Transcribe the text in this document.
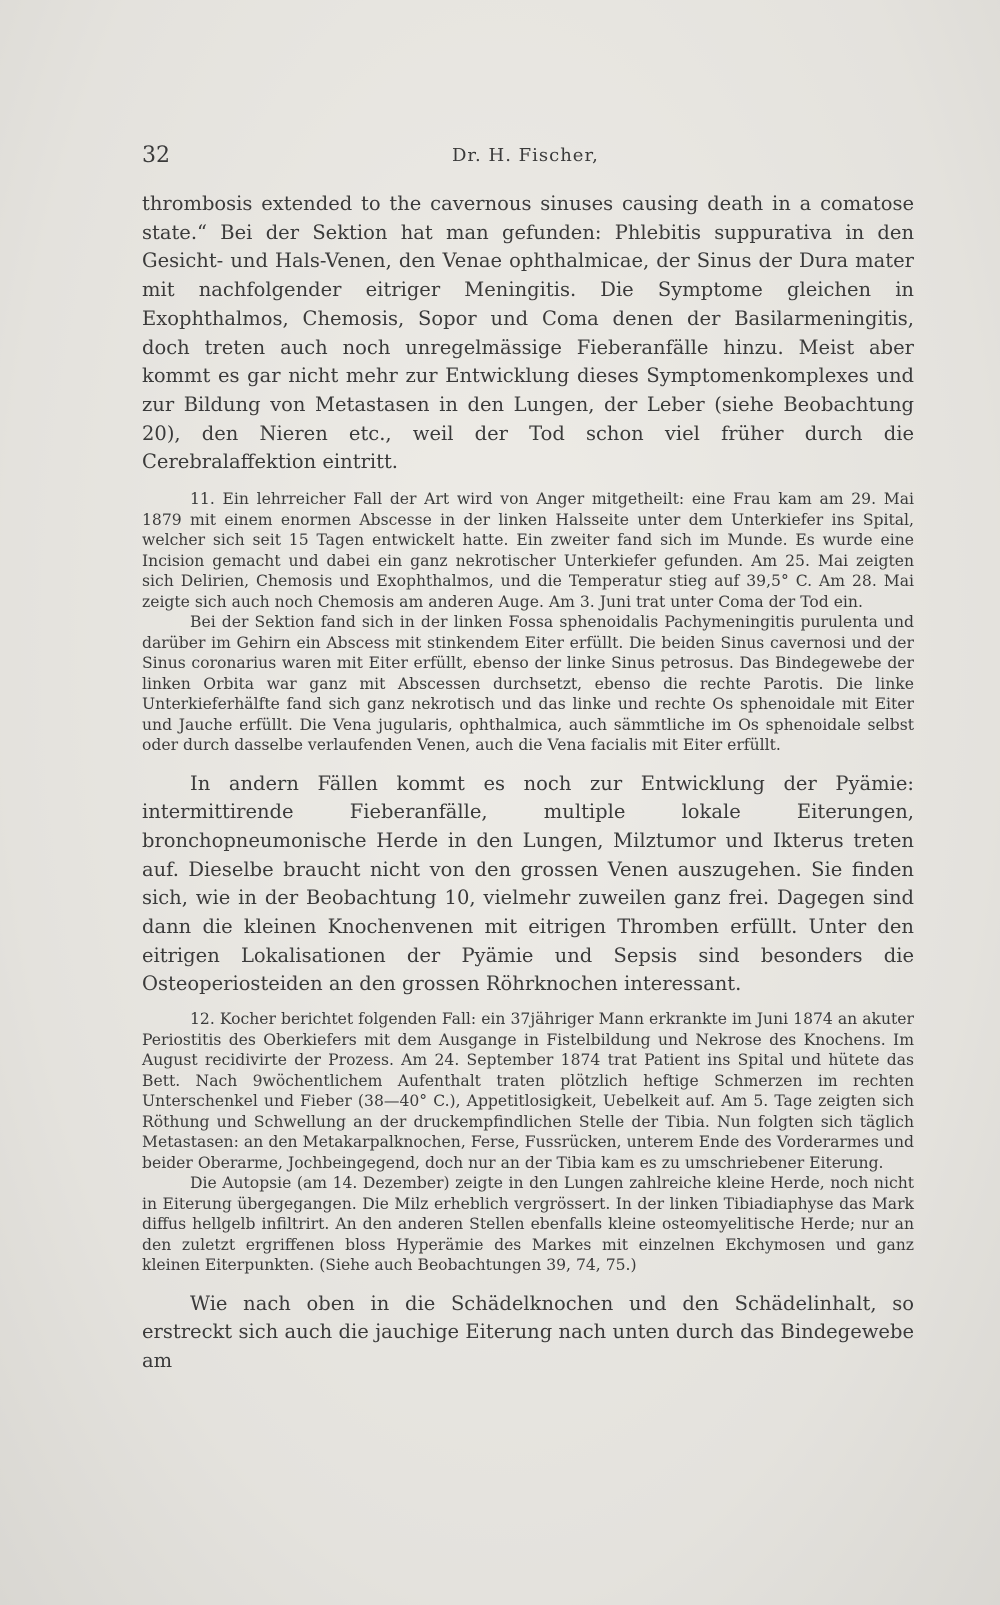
32	Dr. H. Fischer,

thrombosis extended to the cavernous sinuses causing death in a comatose state.“ Bei der Sektion hat man gefunden: Phlebitis suppurativa in den Gesicht- und Hals-Venen, den Venae ophthalmicae, der Sinus der Dura mater mit nachfolgender eitriger Meningitis. Die Symptome gleichen in Exophthalmos, Chemosis, Sopor und Coma denen der Basilarmeningitis, doch treten auch noch unregelmässige Fieberanfälle hinzu. Meist aber kommt es gar nicht mehr zur Entwicklung dieses Symptomenkomplexes und zur Bildung von Metastasen in den Lungen, der Leber (siehe Beobachtung 20), den Nieren etc., weil der Tod schon viel früher durch die Cerebralaffektion eintritt.

11. Ein lehrreicher Fall der Art wird von Anger mitgetheilt: eine Frau kam am 29. Mai 1879 mit einem enormen Abscesse in der linken Halsseite unter dem Unterkiefer ins Spital, welcher sich seit 15 Tagen entwickelt hatte. Ein zweiter fand sich im Munde. Es wurde eine Incision gemacht und dabei ein ganz nekrotischer Unterkiefer gefunden. Am 25. Mai zeigten sich Delirien, Chemosis und Exophthalmos, und die Temperatur stieg auf 39,5° C. Am 28. Mai zeigte sich auch noch Chemosis am anderen Auge. Am 3. Juni trat unter Coma der Tod ein.

Bei der Sektion fand sich in der linken Fossa sphenoidalis Pachymeningitis purulenta und darüber im Gehirn ein Abscess mit stinkendem Eiter erfüllt. Die beiden Sinus cavernosi und der Sinus coronarius waren mit Eiter erfüllt, ebenso der linke Sinus petrosus. Das Bindegewebe der linken Orbita war ganz mit Abscessen durchsetzt, ebenso die rechte Parotis. Die linke Unterkieferhälfte fand sich ganz nekrotisch und das linke und rechte Os sphenoidale mit Eiter und Jauche erfüllt. Die Vena jugularis, ophthalmica, auch sämmtliche im Os sphenoidale selbst oder durch dasselbe verlaufenden Venen, auch die Vena facialis mit Eiter erfüllt.

In andern Fällen kommt es noch zur Entwicklung der Pyämie: intermittirende Fieberanfälle, multiple lokale Eiterungen, bronchopneumonische Herde in den Lungen, Milztumor und Ikterus treten auf. Dieselbe braucht nicht von den grossen Venen auszugehen. Sie finden sich, wie in der Beobachtung 10, vielmehr zuweilen ganz frei. Dagegen sind dann die kleinen Knochenvenen mit eitrigen Thromben erfüllt. Unter den eitrigen Lokalisationen der Pyämie und Sepsis sind besonders die Osteoperiosteiden an den grossen Röhrknochen interessant.

12. Kocher berichtet folgenden Fall: ein 37jähriger Mann erkrankte im Juni 1874 an akuter Periostitis des Oberkiefers mit dem Ausgange in Fistelbildung und Nekrose des Knochens. Im August recidivirte der Prozess. Am 24. September 1874 trat Patient ins Spital und hütete das Bett. Nach 9wöchentlichem Aufenthalt traten plötzlich heftige Schmerzen im rechten Unterschenkel und Fieber (38—40° C.), Appetitlosigkeit, Uebelkeit auf. Am 5. Tage zeigten sich Röthung und Schwellung an der druckempfindlichen Stelle der Tibia. Nun folgten sich täglich Metastasen: an den Metakarpalknochen, Ferse, Fussrücken, unterem Ende des Vorderarmes und beider Oberarme, Jochbeingegend, doch nur an der Tibia kam es zu umschriebener Eiterung.

Die Autopsie (am 14. Dezember) zeigte in den Lungen zahlreiche kleine Herde, noch nicht in Eiterung übergegangen. Die Milz erheblich vergrössert. In der linken Tibiadiaphyse das Mark diffus hellgelb infiltrirt. An den anderen Stellen ebenfalls kleine osteomyelitische Herde; nur an den zuletzt ergriffenen bloss Hyperämie des Markes mit einzelnen Ekchymosen und ganz kleinen Eiterpunkten. (Siehe auch Beobachtungen 39, 74, 75.)

Wie nach oben in die Schädelknochen und den Schädelinhalt, so erstreckt sich auch die jauchige Eiterung nach unten durch das Bindegewebe am
